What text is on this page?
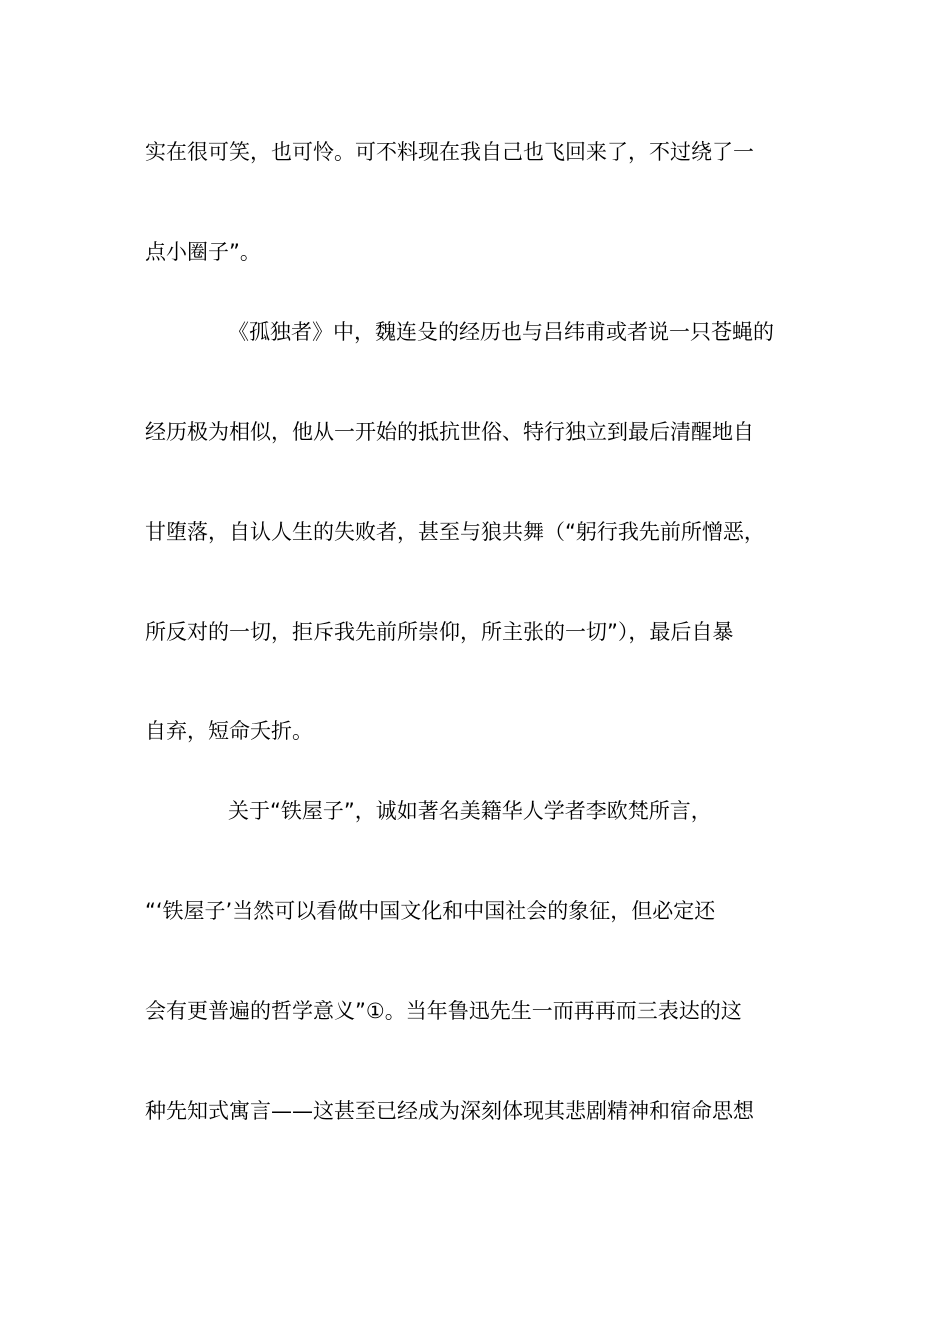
实在很可笑，也可怜。可不料现在我自己也飞回来了，不过绕了一
点小圈子”。
《孤独者》中，魏连殳的经历也与吕纬甫或者说一只苍蝇的
经历极为相似，他从一开始的抵抗世俗、特行独立到最后清醒地自
甘堕落，自认人生的失败者，甚至与狼共舞（“躬行我先前所憎恶，
所反对的一切，拒斥我先前所崇仰，所主张的一切”），最后自暴
自弃，短命夭折。
关于“铁屋子”，诚如著名美籍华人学者李欧梵所言，
“‘铁屋子’当然可以看做中国文化和中国社会的象征，但必定还
会有更普遍的哲学意义”①。当年鲁迅先生一而再再而三表达的这
种先知式寓言——这甚至已经成为深刻体现其悲剧精神和宿命思想
